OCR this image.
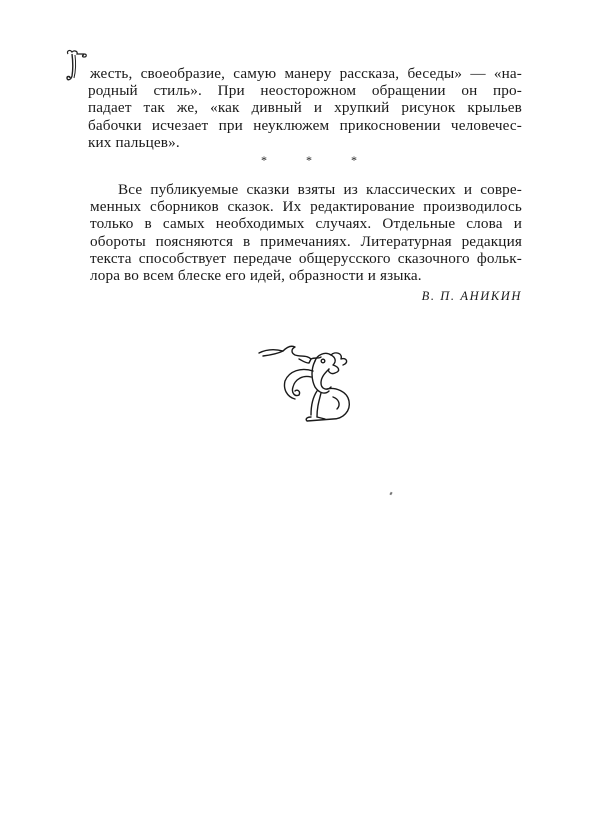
жесть, своеобразие, самую манеру рассказа, беседы» — «на-
родный стиль». При неосторожном обращении он про-
падает так же, «как дивный и хрупкий рисунок крыльев
бабочки исчезает при неуклюжем прикосновении человечес-
ких пальцев».
* * *
Все публикуемые сказки взяты из классических и совре-
менных сборников сказок. Их редактирование производилось
только в самых необходимых случаях. Отдельные слова и
обороты поясняются в примечаниях. Литературная редакция
текста способствует передаче общерусского сказочного фольк-
лора во всем блеске его идей, образности и языка.
В. П. АНИКИН
